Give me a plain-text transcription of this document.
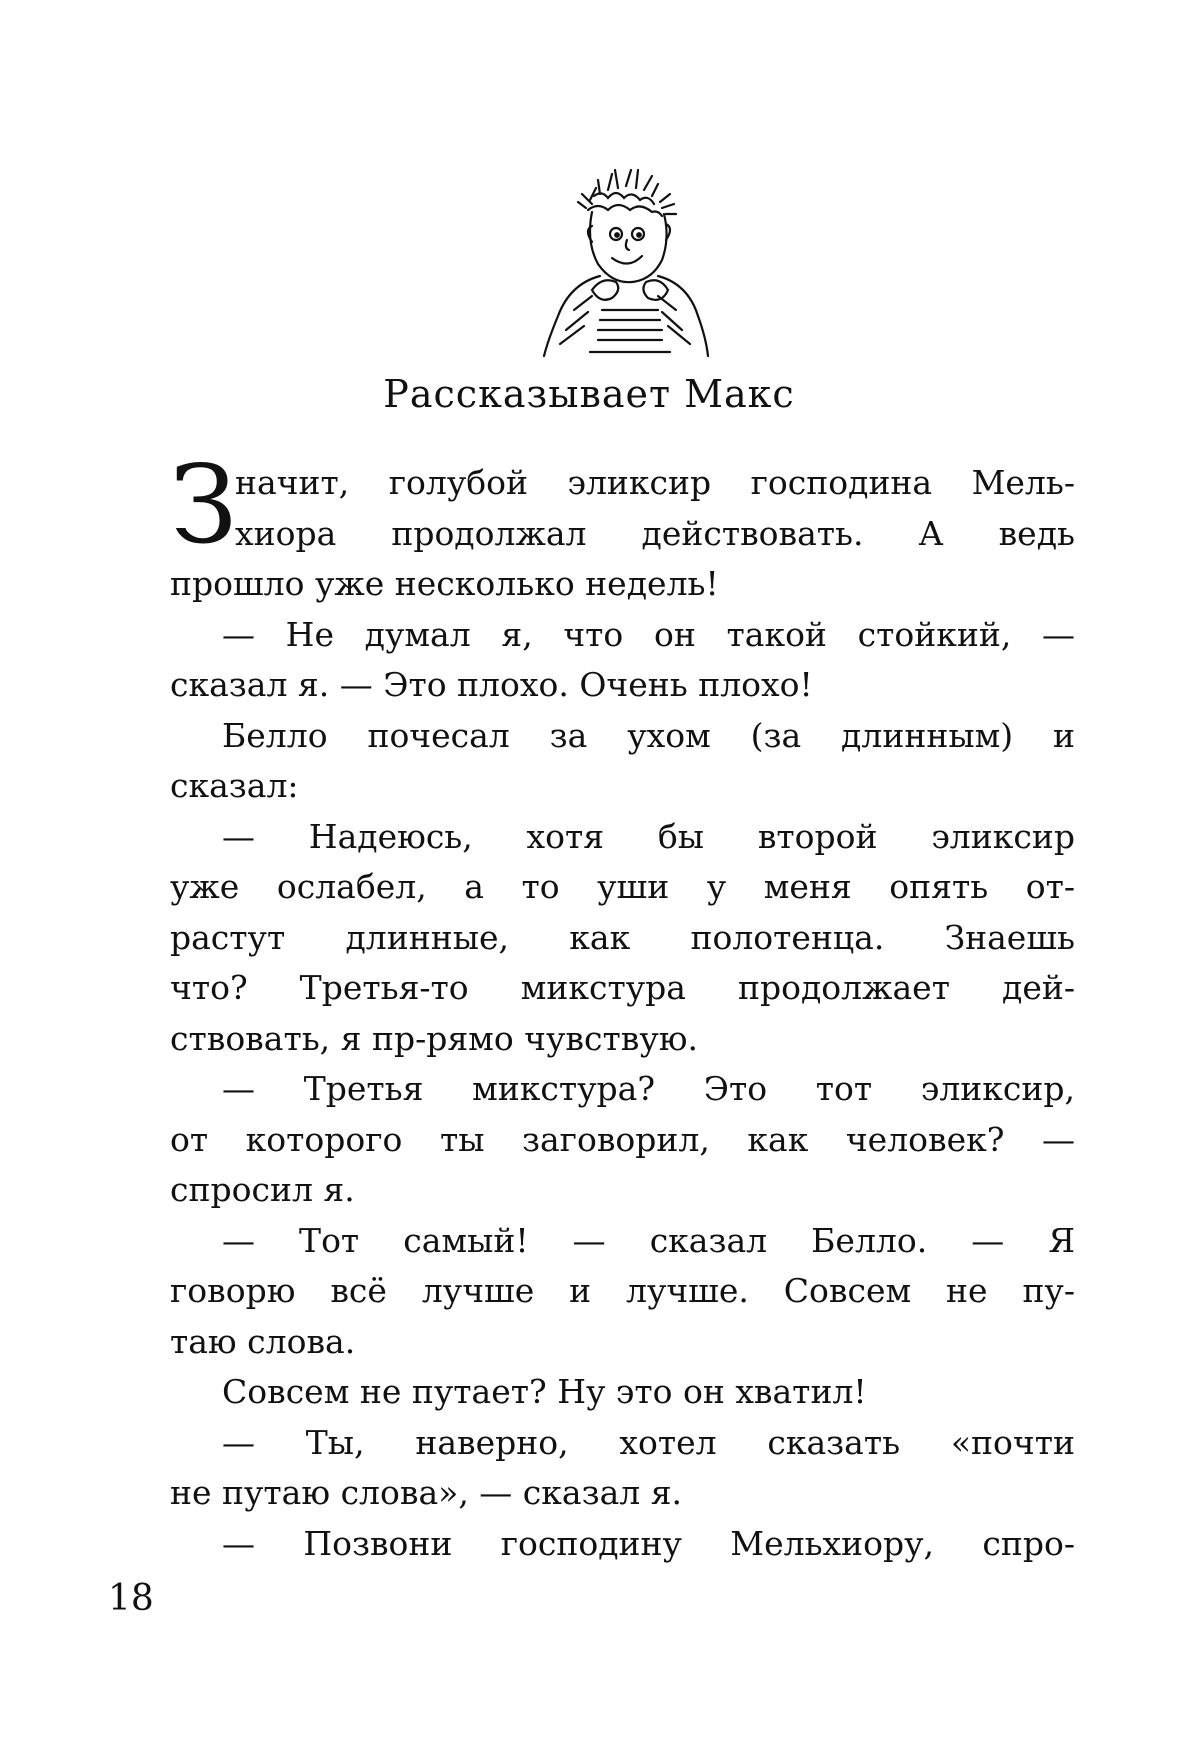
Рассказывает Макс
З
начит, голубой эликсир господина Мель-
хиора продолжал действовать. А ведь
прошло уже несколько недель!
— Не думал я, что он такой стойкий, —
сказал я. — Это плохо. Очень плохо!
Белло почесал за ухом (за длинным) и
сказал:
— Надеюсь, хотя бы второй эликсир
уже ослабел, а то уши у меня опять от-
растут длинные, как полотенца. Знаешь
что? Третья-то микстура продолжает дей-
ствовать, я пр-рямо чувствую.
— Третья микстура? Это тот эликсир,
от которого ты заговорил, как человек? —
спросил я.
— Тот самый! — сказал Белло. — Я
говорю всё лучше и лучше. Совсем не пу-
таю слова.
Совсем не путает? Ну это он хватил!
— Ты, наверно, хотел сказать «почти
не путаю слова», — сказал я.
— Позвони господину Мельхиору, спро-
18
